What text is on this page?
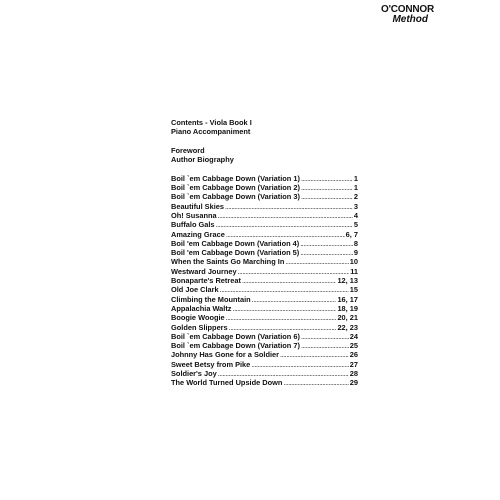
O'CONNOR
Method
Contents - Viola Book I
Piano Accompaniment
Foreword
Author Biography
Boil `em Cabbage Down (Variation 1) .....	1
Boil `em Cabbage Down (Variation 2) .....	1
Boil `em Cabbage Down (Variation 3) .....	2
Beautiful Skies .....	3
Oh! Susanna .....	4
Buffalo Gals .....	5
Amazing Grace .....	6, 7
Boil 'em Cabbage Down (Variation 4) .....	8
Boil 'em Cabbage Down (Variation 5) .....	9
When the Saints Go Marching In .....	10
Westward Journey .....	11
Bonaparte's Retreat .....	12, 13
Old Joe Clark .....	15
Climbing the Mountain .....	16, 17
Appalachia Waltz .....	18, 19
Boogie Woogie .....	20, 21
Golden Slippers .....	22, 23
Boil `em Cabbage Down (Variation 6) .....	24
Boil `em Cabbage Down (Variation 7) .....	25
Johnny Has Gone for a Soldier .....	26
Sweet Betsy from Pike .....	27
Soldier's Joy .....	28
The World Turned Upside Down .....	29
